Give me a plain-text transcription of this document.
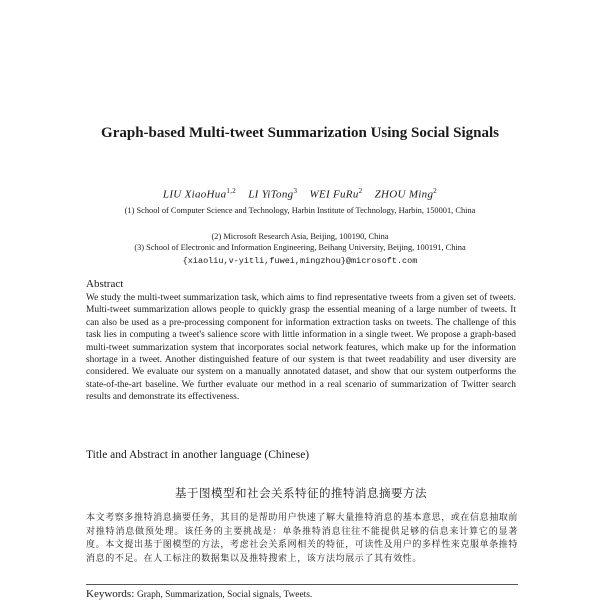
Graph-based Multi-tweet Summarization Using Social Signals
LIU XiaoHua$^{1,2}$ LI YiTong$^3$ WEI FuRu$^2$ ZHOU Ming$^2$
(1) School of Computer Science and Technology, Harbin Institute of Technology, Harbin, 150001, China
(2) Microsoft Research Asia, Beijing, 100190, China
(3) School of Electronic and Information Engineering, Beihang University, Beijing, 100191, China
{xiaoliu,v-yitli,fuwei,mingzhou}@microsoft.com
Abstract
We study the multi-tweet summarization task, which aims to find representative tweets from a given set of tweets. Multi-tweet summarization allows people to quickly grasp the essential meaning of a large number of tweets. It can also be used as a pre-processing component for information extraction tasks on tweets. The challenge of this task lies in computing a tweet's salience score with little information in a single tweet. We propose a graph-based multi-tweet summarization system that incorporates social network features, which make up for the information shortage in a tweet. Another distinguished feature of our system is that tweet readability and user diversity are considered. We evaluate our system on a manually annotated dataset, and show that our system outperforms the state-of-the-art baseline. We further evaluate our method in a real scenario of summarization of Twitter search results and demonstrate its effectiveness.
Title and Abstract in another language (Chinese)
基于图模型和社会关系特征的推特消息摘要方法
本文考察多推特消息摘要任务，其目的是帮助用户快速了解大量推特消息的基本意思，或在信息抽取前对推特消息做预处理。该任务的主要挑战是：单条推特消息往往不能提供足够的信息来计算它的显著度。本文提出基于图模型的方法，考虑社会关系网相关的特征，可读性及用户的多样性来克服单条推特消息的不足。在人工标注的数据集以及推特搜索上，该方法均展示了其有效性。
Keywords: Graph, Summarization, Social signals, Tweets.
